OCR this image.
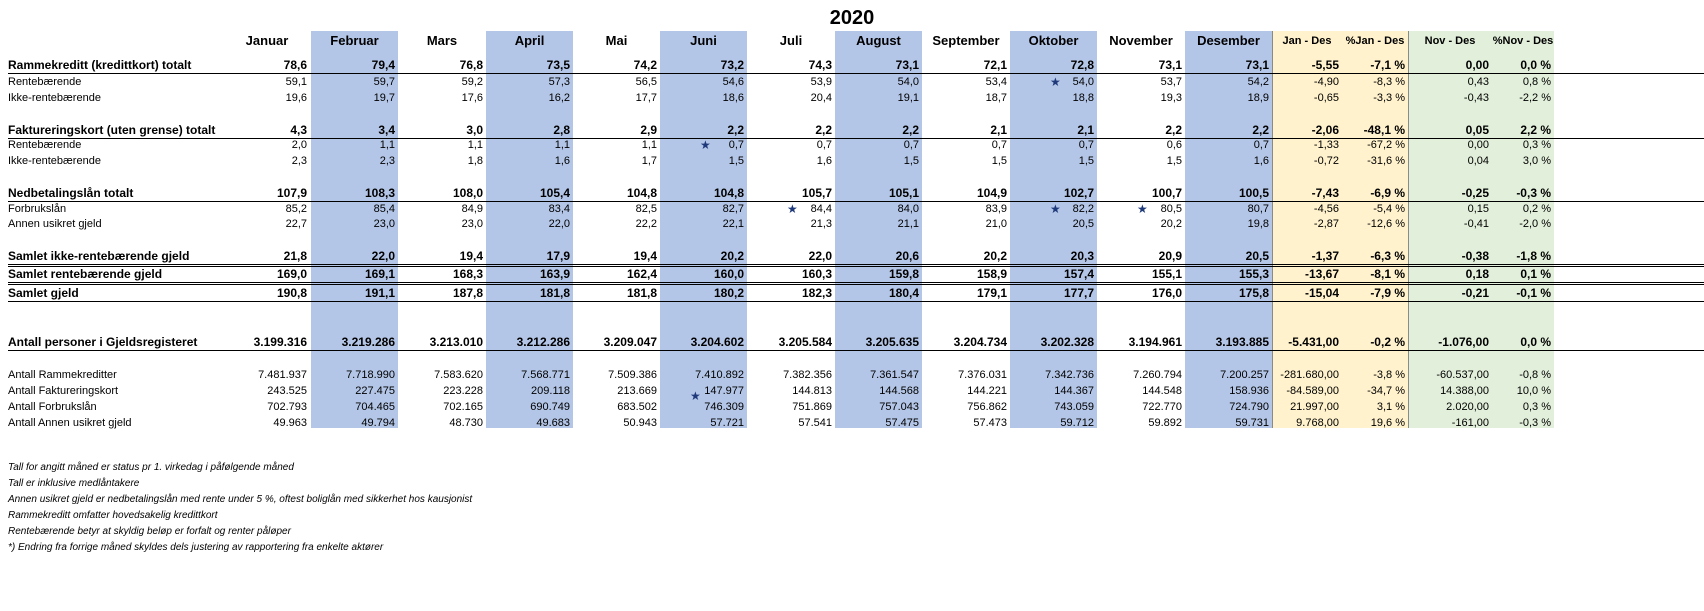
2020
Januar	Februar	Mars	April	Mai	Juni	Juli	August	September	Oktober	November	Desember	Jan - Des	%Jan - Des	Nov - Des	%Nov - Des
Rammekreditt (kredittkort) totalt	78,6	79,4	76,8	73,5	74,2	73,2	74,3	73,1	72,1	72,8	73,1	73,1	-5,55	-7,1 %	0,00	0,0 %
Rentebærende	59,1	59,7	59,2	57,3	56,5	54,6	53,9	54,0	53,4	54,0	53,7	54,2	-4,90	-8,3 %	0,43	0,8 %
★
Ikke-rentebærende	19,6	19,7	17,6	16,2	17,7	18,6	20,4	19,1	18,7	18,8	19,3	18,9	-0,65	-3,3 %	-0,43	-2,2 %
Faktureringskort (uten grense) totalt	4,3	3,4	3,0	2,8	2,9	2,2	2,2	2,2	2,1	2,1	2,2	2,2	-2,06	-48,1 %	0,05	2,2 %
Rentebærende	2,0	1,1	1,1	1,1	1,1	0,7	0,7	0,7	0,7	0,7	0,6	0,7	-1,33	-67,2 %	0,00	0,3 %
★
Ikke-rentebærende	2,3	2,3	1,8	1,6	1,7	1,5	1,6	1,5	1,5	1,5	1,5	1,6	-0,72	-31,6 %	0,04	3,0 %
Nedbetalingslån totalt	107,9	108,3	108,0	105,4	104,8	104,8	105,7	105,1	104,9	102,7	100,7	100,5	-7,43	-6,9 %	-0,25	-0,3 %
Forbrukslån	85,2	85,4	84,9	83,4	82,5	82,7	84,4	84,0	83,9	82,2	80,5	80,7	-4,56	-5,4 %	0,15	0,2 %
★	★	★
Annen usikret gjeld	22,7	23,0	23,0	22,0	22,2	22,1	21,3	21,1	21,0	20,5	20,2	19,8	-2,87	-12,6 %	-0,41	-2,0 %
Samlet ikke-rentebærende gjeld	21,8	22,0	19,4	17,9	19,4	20,2	22,0	20,6	20,2	20,3	20,9	20,5	-1,37	-6,3 %	-0,38	-1,8 %
Samlet rentebærende gjeld	169,0	169,1	168,3	163,9	162,4	160,0	160,3	159,8	158,9	157,4	155,1	155,3	-13,67	-8,1 %	0,18	0,1 %
Samlet gjeld	190,8	191,1	187,8	181,8	181,8	180,2	182,3	180,4	179,1	177,7	176,0	175,8	-15,04	-7,9 %	-0,21	-0,1 %
Antall personer i Gjeldsregisteret	3.199.316	3.219.286	3.213.010	3.212.286	3.209.047	3.204.602	3.205.584	3.205.635	3.204.734	3.202.328	3.194.961	3.193.885	-5.431,00	-0,2 %	-1.076,00	0,0 %
Antall Rammekreditter	7.481.937	7.718.990	7.583.620	7.568.771	7.509.386	7.410.892	7.382.356	7.361.547	7.376.031	7.342.736	7.260.794	7.200.257	-281.680,00	-3,8 %	-60.537,00	-0,8 %
Antall Faktureringskort	243.525	227.475	223.228	209.118	213.669	147.977	144.813	144.568	144.221	144.367	144.548	158.936	-84.589,00	-34,7 %	14.388,00	10,0 %
Antall Forbrukslån	702.793	704.465	702.165	690.749	683.502	746.309	751.869	757.043	756.862	743.059	722.770	724.790	21.997,00	3,1 %	2.020,00	0,3 %
Antall Annen usikret gjeld	49.963	49.794	48.730	49.683	50.943	57.721	57.541	57.475	57.473	59.712	59.892	59.731	9.768,00	19,6 %	-161,00	-0,3 %
★
Tall for angitt måned er status pr 1. virkedag i påfølgende måned
Tall er inklusive medlåntakere
Annen usikret gjeld er nedbetalingslån med rente under 5 %, oftest boliglån med sikkerhet hos kausjonist
Rammekreditt omfatter hovedsakelig kredittkort
Rentebærende betyr at skyldig beløp er forfalt og renter påløper
*) Endring fra forrige måned skyldes dels justering av rapportering fra enkelte aktører
